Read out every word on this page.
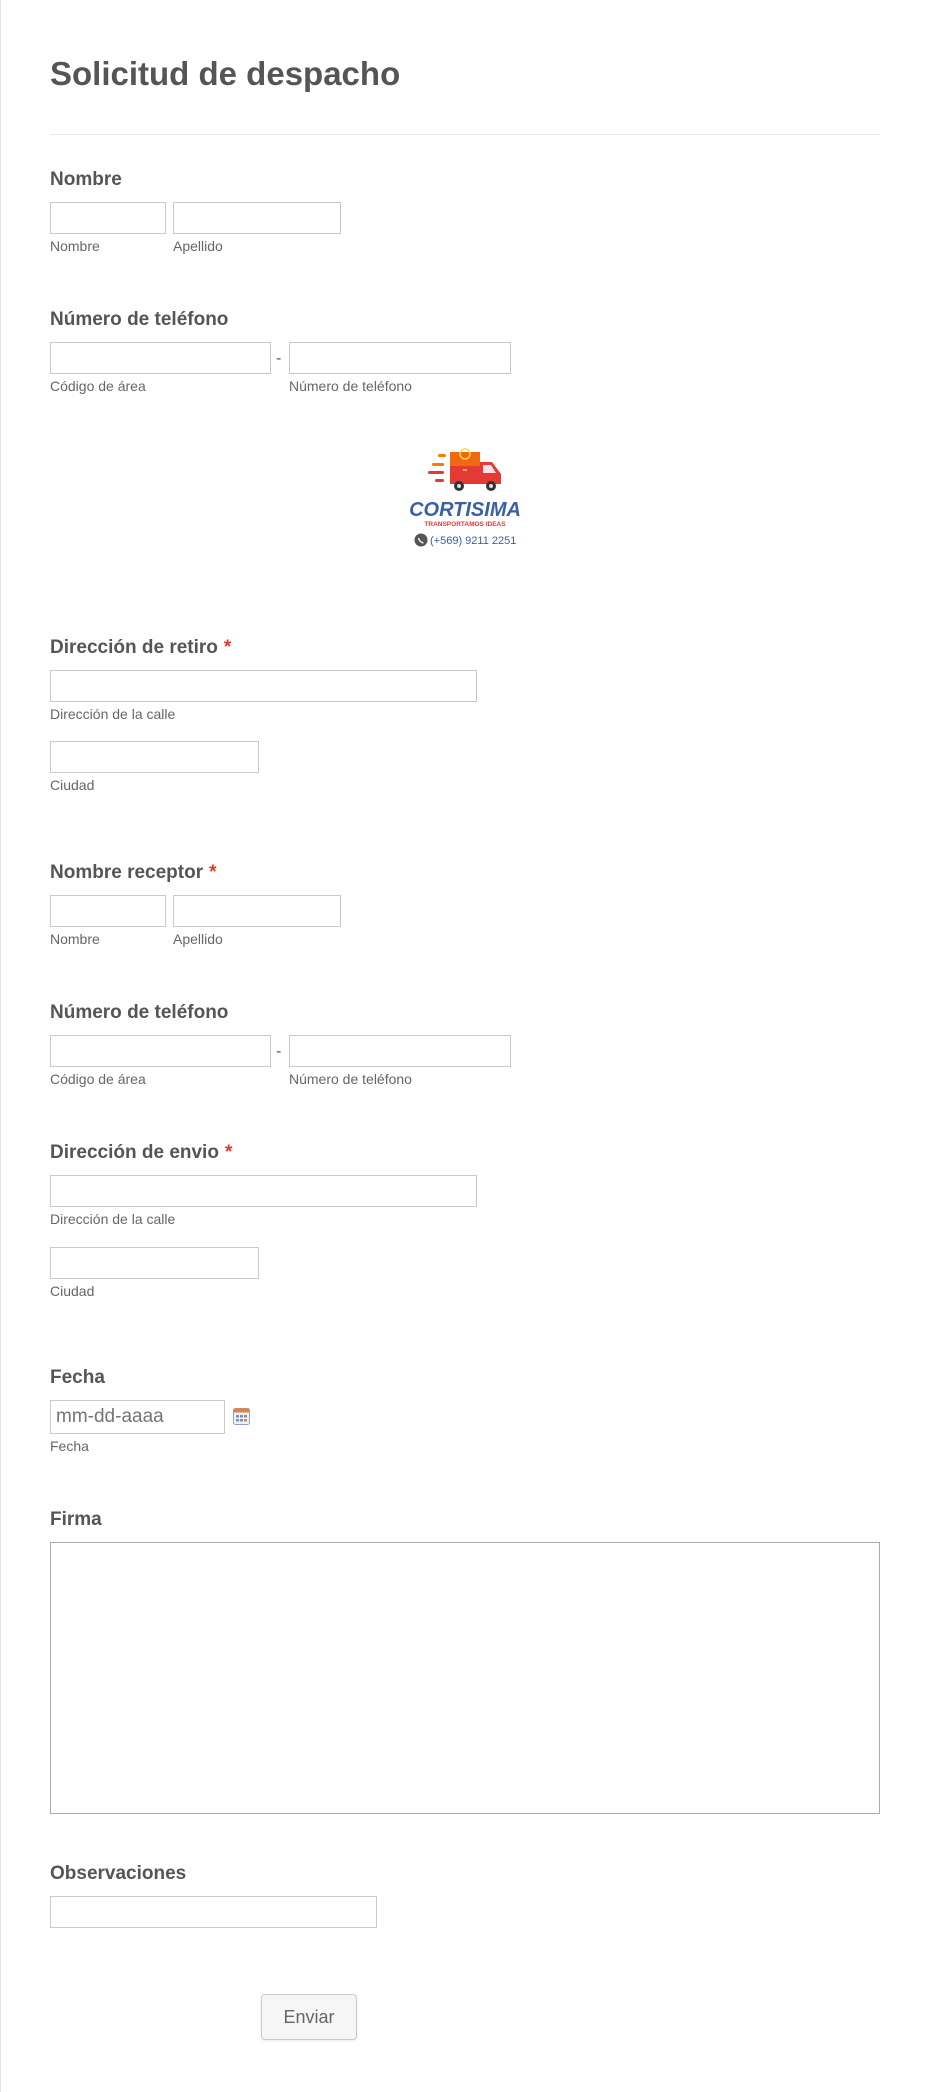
Solicitud de despacho
Nombre
Nombre	Apellido
Número de teléfono
-
Código de área	Número de teléfono
CORTISIMA
TRANSPORTAMOS IDEAS
(+569) 9211 2251
Dirección de retiro *
Dirección de la calle
Ciudad
Nombre receptor *
Nombre	Apellido
Número de teléfono
-
Código de área	Número de teléfono
Dirección de envio *
Dirección de la calle
Ciudad
Fecha
mm-dd-aaaa
Fecha
Firma
Observaciones
Enviar
